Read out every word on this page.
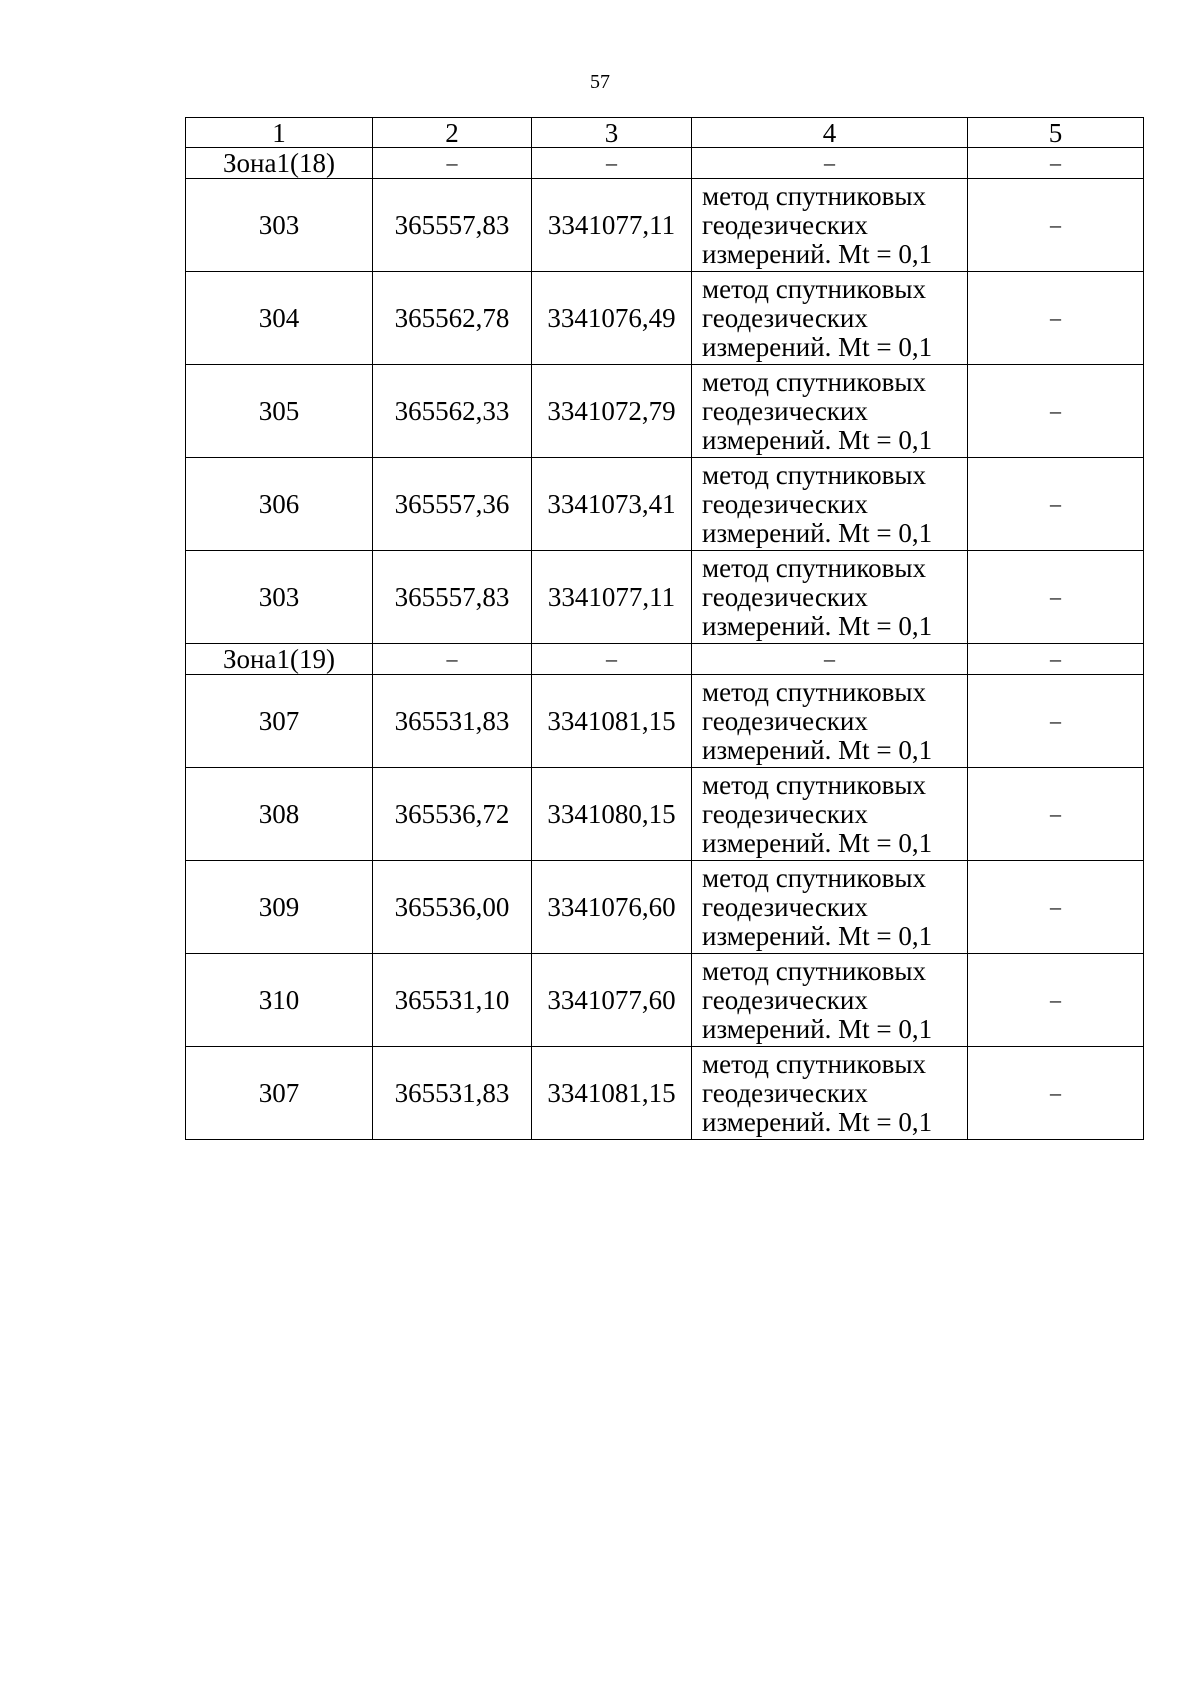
57
1	2	3	4	5
Зона1(18)	–	–	–	–
303	365557,83	3341077,11	метод спутниковых
геодезических
измерений. Mt = 0,1	–
304	365562,78	3341076,49	метод спутниковых
геодезических
измерений. Mt = 0,1	–
305	365562,33	3341072,79	метод спутниковых
геодезических
измерений. Mt = 0,1	–
306	365557,36	3341073,41	метод спутниковых
геодезических
измерений. Mt = 0,1	–
303	365557,83	3341077,11	метод спутниковых
геодезических
измерений. Mt = 0,1	–
Зона1(19)	–	–	–	–
307	365531,83	3341081,15	метод спутниковых
геодезических
измерений. Mt = 0,1	–
308	365536,72	3341080,15	метод спутниковых
геодезических
измерений. Mt = 0,1	–
309	365536,00	3341076,60	метод спутниковых
геодезических
измерений. Mt = 0,1	–
310	365531,10	3341077,60	метод спутниковых
геодезических
измерений. Mt = 0,1	–
307	365531,83	3341081,15	метод спутниковых
геодезических
измерений. Mt = 0,1	–
